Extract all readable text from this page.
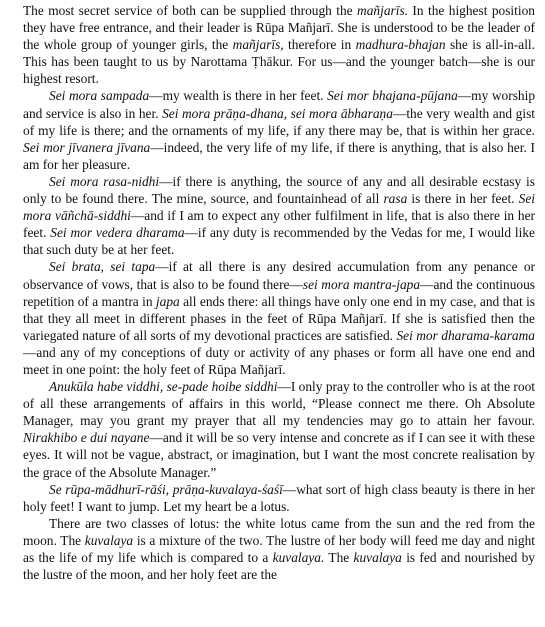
The most secret service of both can be supplied through the mañjarīs. In the highest position they have free entrance, and their leader is Rūpa Mañjarī. She is understood to be the leader of the whole group of younger girls, the mañjarīs, therefore in madhura-bhajan she is all-in-all. This has been taught to us by Narottama Ṭhākur. For us—and the younger batch—she is our highest resort.

Sei mora sampada—my wealth is there in her feet. Sei mor bhajana-pūjana—my worship and service is also in her. Sei mora prāṇa-dhana, sei mora ābharaṇa—the very wealth and gist of my life is there; and the ornaments of my life, if any there may be, that is within her grace. Sei mor jīvanera jīvana—indeed, the very life of my life, if there is anything, that is also her. I am for her pleasure.

Sei mora rasa-nidhi—if there is anything, the source of any and all desirable ecstasy is only to be found there. The mine, source, and fountainhead of all rasa is there in her feet. Sei mora vāñchā-siddhi—and if I am to expect any other fulfilment in life, that is also there in her feet. Sei mor vedera dharama—if any duty is recommended by the Vedas for me, I would like that such duty be at her feet.

Sei brata, sei tapa—if at all there is any desired accumulation from any penance or observance of vows, that is also to be found there—sei mora mantra-japa—and the continuous repetition of a mantra in japa all ends there: all things have only one end in my case, and that is that they all meet in different phases in the feet of Rūpa Mañjarī. If she is satisfied then the variegated nature of all sorts of my devotional practices are satisfied. Sei mor dharama-karama—and any of my conceptions of duty or activity of any phases or form all have one end and meet in one point: the holy feet of Rūpa Mañjarī.

Anukūla habe viddhi, se-pade hoibe siddhi—I only pray to the controller who is at the root of all these arrangements of affairs in this world, “Please connect me there. Oh Absolute Manager, may you grant my prayer that all my tendencies may go to attain her favour. Nirakhibo e dui nayane—and it will be so very intense and concrete as if I can see it with these eyes. It will not be vague, abstract, or imagination, but I want the most concrete realisation by the grace of the Absolute Manager.”

Se rūpa-mādhurī-rāśi, prāṇa-kuvalaya-śaśī—what sort of high class beauty is there in her holy feet! I want to jump. Let my heart be a lotus.

There are two classes of lotus: the white lotus came from the sun and the red from the moon. The kuvalaya is a mixture of the two. The lustre of her body will feed me day and night as the life of my life which is compared to a kuvalaya. The kuvalaya is fed and nourished by the lustre of the moon, and her holy feet are the
